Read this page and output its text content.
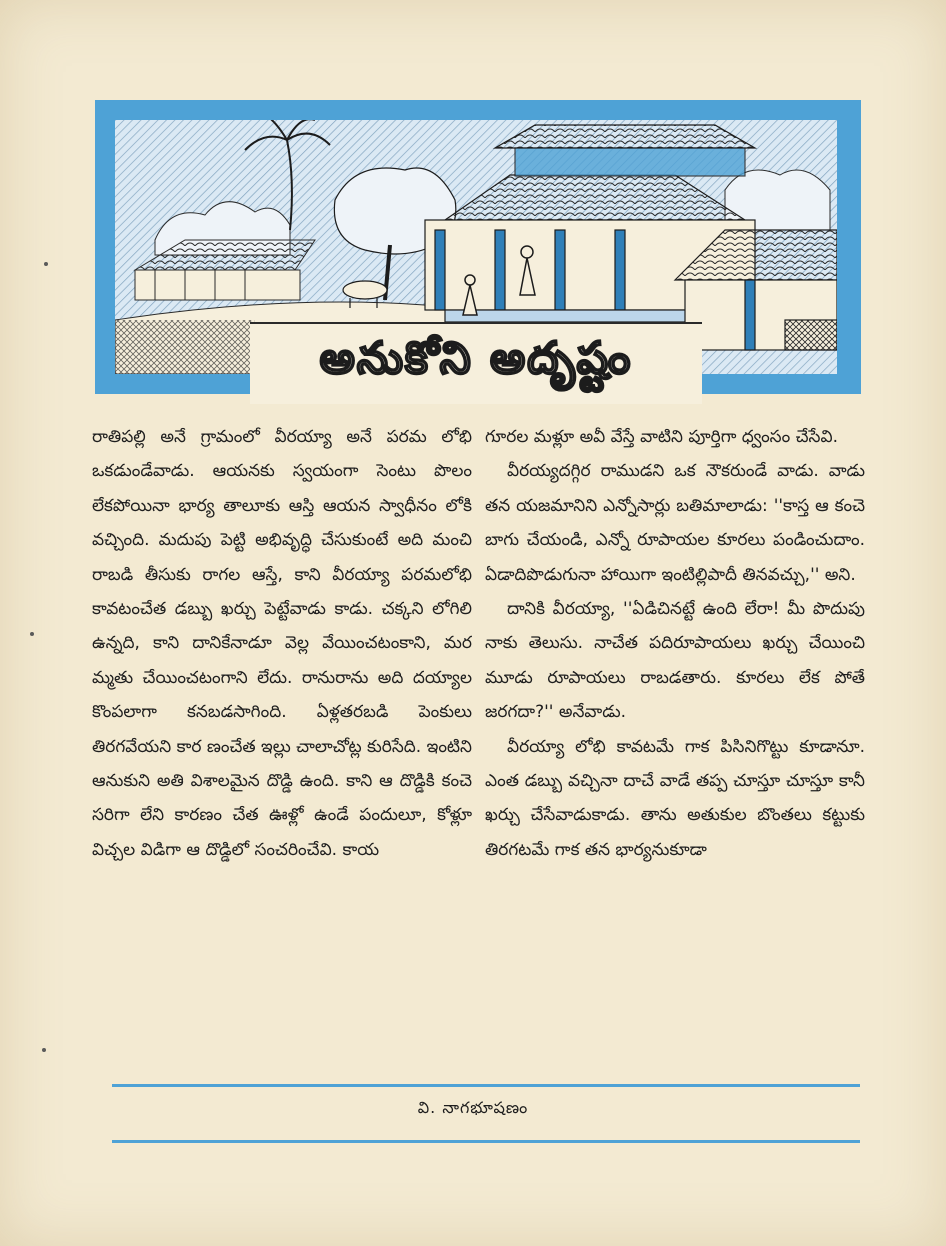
అనుకోని అదృష్టం

రాతిపల్లి అనే గ్రామంలో వీరయ్యా అనే పరమ లోభి ఒకడుండేవాడు. ఆయనకు స్వయంగా సెంటు పొలం లేకపోయినా భార్య తాలూకు ఆస్తి ఆయన స్వాధీనం లోకి వచ్చింది. మదుపు పెట్టి అభివృద్ధి చేసుకుంటే అది మంచి రాబడి తీసుకు రాగల ఆస్తే, కాని వీరయ్యా పరమలోభి కావటంచేత డబ్బు ఖర్చు పెట్టేవాడు కాడు. చక్కని లోగిలి ఉన్నది, కాని దానికేనాడూ వెల్ల వేయించటంకాని, మర మ్మతు చేయించటంగాని లేదు. రానురాను అది దయ్యాల కొంపలాగా కనబడసాగింది. ఏళ్లతరబడి పెంకులు తిరగవేయని కార ణంచేత ఇల్లు చాలాచోట్ల కురిసేది. ఇంటిని ఆనుకుని అతి విశాలమైన దొడ్డి ఉంది. కాని ఆ దొడ్డికి కంచె సరిగా లేని కారణం చేత ఊళ్లో ఉండే పందులూ, కోళ్లూ విచ్చల విడిగా ఆ దొడ్డిలో సంచరించేవి. కాయ

గూరల మళ్లూ అవీ వేస్తే వాటిని పూర్తిగా ధ్వంసం చేసేవి.

వీరయ్యదగ్గిర రాముడని ఒక నౌకరుండే వాడు. వాడు తన యజమానిని ఎన్నోసార్లు బతిమాలాడు: ''కాస్త ఆ కంచె బాగు చేయండి, ఎన్నో రూపాయల కూరలు పండించుదాం. ఏడాదిపొడుగునా హాయిగా ఇంటిల్లిపాదీ తినవచ్చు,'' అని.

దానికి వీరయ్యా, ''ఏడిచినట్టే ఉంది లేరా! మీ పొదుపు నాకు తెలుసు. నాచేత పదిరూపాయలు ఖర్చు చేయించి మూడు రూపాయలు రాబడతారు. కూరలు లేక పోతే జరగదా?'' అనేవాడు.

వీరయ్యా లోభి కావటమే గాక పిసినిగొట్టు కూడానూ. ఎంత డబ్బు వచ్చినా దాచే వాడే తప్ప చూస్తూ చూస్తూ కానీ ఖర్చు చేసేవాడుకాడు. తాను అతుకుల బొంతలు కట్టుకు తిరగటమే గాక తన భార్యనుకూడా

వి. నాగభూషణం
